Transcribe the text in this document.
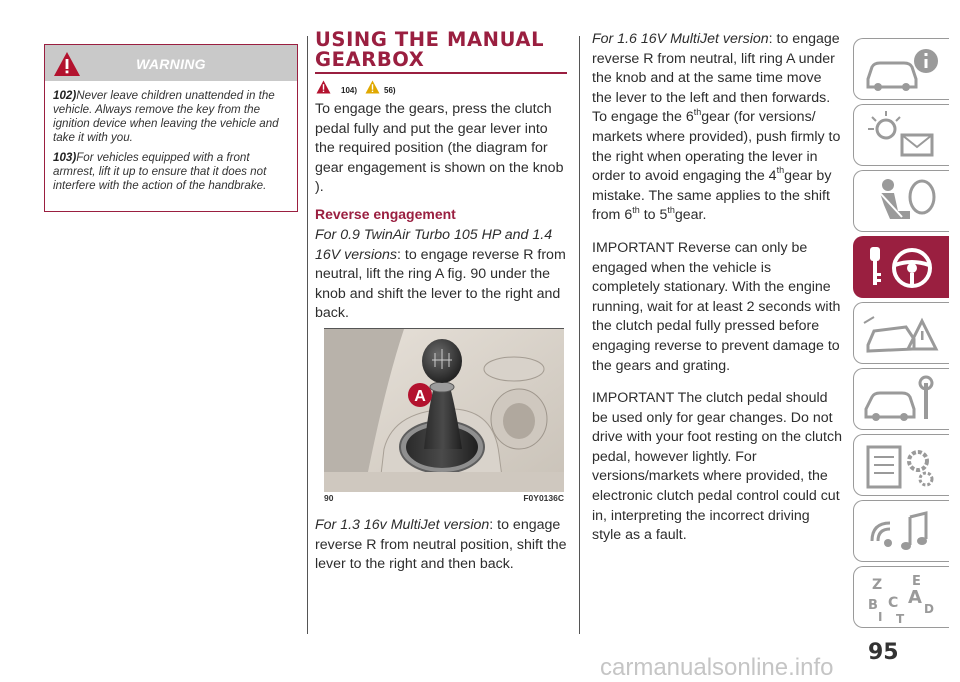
WARNING

102)Never leave children unattended in the vehicle. Always remove the key from the ignition device when leaving the vehicle and take it with you.

103)For vehicles equipped with a front armrest, lift it up to ensure that it does not interfere with the action of the handbrake.

USING THE MANUAL
GEARBOX
104)	56)

To engage the gears, press the clutch pedal fully and put the gear lever into the required position (the diagram for gear engagement is shown on the knob ).

Reverse engagement

For 0.9 TwinAir Turbo 105 HP and 1.4 16V versions: to engage reverse R from neutral, lift the ring A fig. 90 under the knob and shift the lever to the right and back.

A
90	F0Y0136C

For 1.3 16v MultiJet version: to engage reverse R from neutral position, shift the lever to the right and then back.

For 1.6 16V MultiJet version: to engage reverse R from neutral, lift ring A under the knob and at the same time move the lever to the left and then forwards.

To engage the 6thgear (for versions/ markets where provided), push firmly to the right when operating the lever in order to avoid engaging the 4thgear by mistake. The same applies to the shift from 6th to 5thgear.

IMPORTANT Reverse can only be engaged when the vehicle is completely stationary. With the engine running, wait for at least 2 seconds with the clutch pedal fully pressed before engaging reverse to prevent damage to the gears and grating.

IMPORTANT The clutch pedal should be used only for gear changes. Do not drive with your foot resting on the clutch pedal, however lightly. For versions/markets where provided, the electronic clutch pedal control could cut in, interpreting the incorrect driving style as a fault.

Z E
B C A
D
I T
95
carmanualsonline.info
